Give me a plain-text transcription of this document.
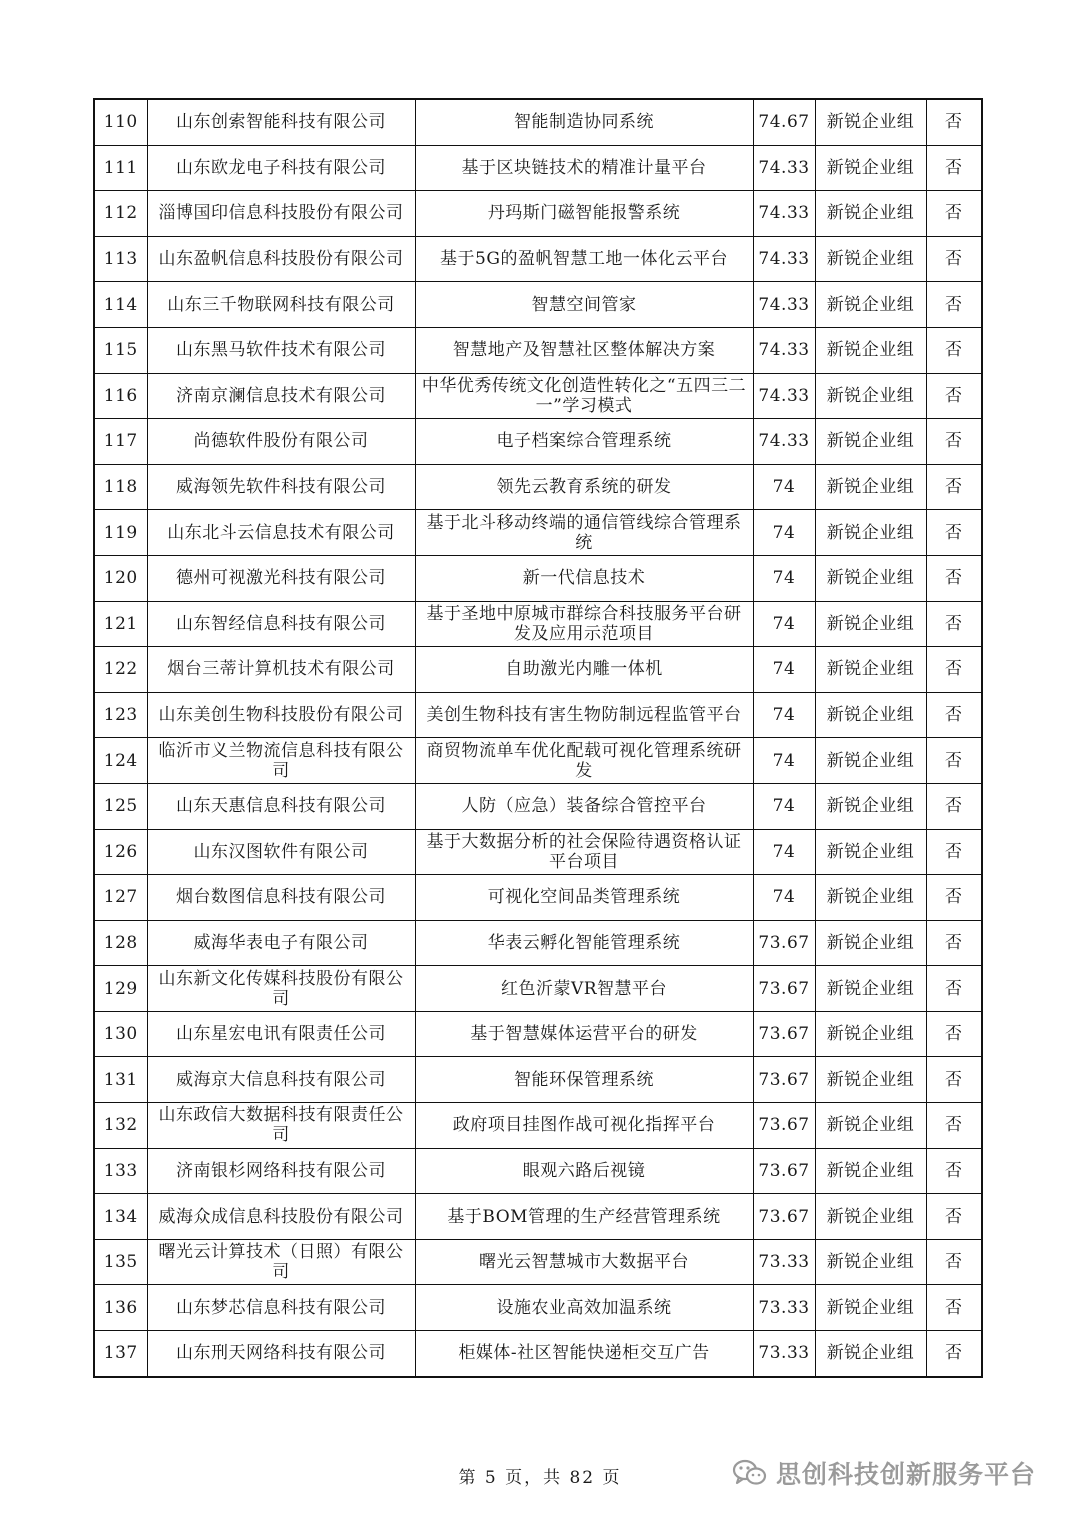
110	山东创索智能科技有限公司	智能制造协同系统	74.67	新锐企业组	否
111	山东欧龙电子科技有限公司	基于区块链技术的精准计量平台	74.33	新锐企业组	否
112	淄博国印信息科技股份有限公司	丹玛斯门磁智能报警系统	74.33	新锐企业组	否
113	山东盈帆信息科技股份有限公司	基于5G的盈帆智慧工地一体化云平台	74.33	新锐企业组	否
114	山东三千物联网科技有限公司	智慧空间管家	74.33	新锐企业组	否
115	山东黑马软件技术有限公司	智慧地产及智慧社区整体解决方案	74.33	新锐企业组	否
116	济南京澜信息技术有限公司	中华优秀传统文化创造性转化之“五四三二一”学习模式	74.33	新锐企业组	否
117	尚德软件股份有限公司	电子档案综合管理系统	74.33	新锐企业组	否
118	威海领先软件科技有限公司	领先云教育系统的研发	74	新锐企业组	否
119	山东北斗云信息技术有限公司	基于北斗移动终端的通信管线综合管理系统	74	新锐企业组	否
120	德州可视激光科技有限公司	新一代信息技术	74	新锐企业组	否
121	山东智经信息科技有限公司	基于圣地中原城市群综合科技服务平台研发及应用示范项目	74	新锐企业组	否
122	烟台三蒂计算机技术有限公司	自助激光内雕一体机	74	新锐企业组	否
123	山东美创生物科技股份有限公司	美创生物科技有害生物防制远程监管平台	74	新锐企业组	否
124	临沂市义兰物流信息科技有限公司	商贸物流单车优化配载可视化管理系统研发	74	新锐企业组	否
125	山东天惠信息科技有限公司	人防（应急）装备综合管控平台	74	新锐企业组	否
126	山东汉图软件有限公司	基于大数据分析的社会保险待遇资格认证平台项目	74	新锐企业组	否
127	烟台数图信息科技有限公司	可视化空间品类管理系统	74	新锐企业组	否
128	威海华表电子有限公司	华表云孵化智能管理系统	73.67	新锐企业组	否
129	山东新文化传媒科技股份有限公司	红色沂蒙VR智慧平台	73.67	新锐企业组	否
130	山东星宏电讯有限责任公司	基于智慧媒体运营平台的研发	73.67	新锐企业组	否
131	威海京大信息科技有限公司	智能环保管理系统	73.67	新锐企业组	否
132	山东政信大数据科技有限责任公司	政府项目挂图作战可视化指挥平台	73.67	新锐企业组	否
133	济南银杉网络科技有限公司	眼观六路后视镜	73.67	新锐企业组	否
134	威海众成信息科技股份有限公司	基于BOM管理的生产经营管理系统	73.67	新锐企业组	否
135	曙光云计算技术（日照）有限公司	曙光云智慧城市大数据平台	73.33	新锐企业组	否
136	山东梦芯信息科技有限公司	设施农业高效加温系统	73.33	新锐企业组	否
137	山东刑天网络科技有限公司	柜媒体-社区智能快递柜交互广告	73.33	新锐企业组	否
第 5 页，共 82 页	思创科技创新服务平台
